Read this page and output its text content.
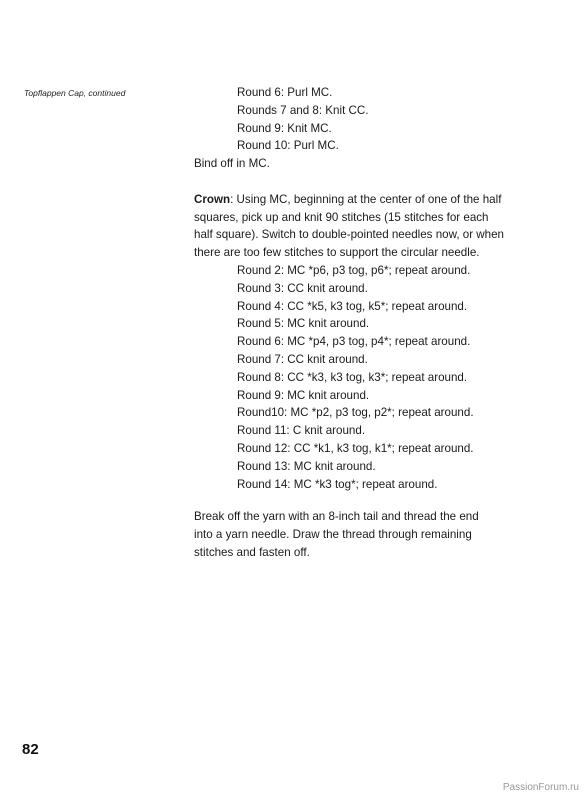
Topflappen Cap, continued	Round 6: Purl MC.
Rounds 7 and 8: Knit CC.
Round 9: Knit MC.
Round 10: Purl MC.
Bind off in MC.
Crown: Using MC, beginning at the center of one of the half
squares, pick up and knit 90 stitches (15 stitches for each
half square). Switch to double-pointed needles now, or when
there are too few stitches to support the circular needle.
Round 2: MC *p6, p3 tog, p6*; repeat around.
Round 3: CC knit around.
Round 4: CC *k5, k3 tog, k5*; repeat around.
Round 5: MC knit around.
Round 6: MC *p4, p3 tog, p4*; repeat around.
Round 7: CC knit around.
Round 8: CC *k3, k3 tog, k3*; repeat around.
Round 9: MC knit around.
Round10: MC *p2, p3 tog, p2*; repeat around.
Round 11: C knit around.
Round 12: CC *k1, k3 tog, k1*; repeat around.
Round 13: MC knit around.
Round 14: MC *k3 tog*; repeat around.
Break off the yarn with an 8-inch tail and thread the end
into a yarn needle. Draw the thread through remaining
stitches and fasten off.
82
PassionForum.ru
